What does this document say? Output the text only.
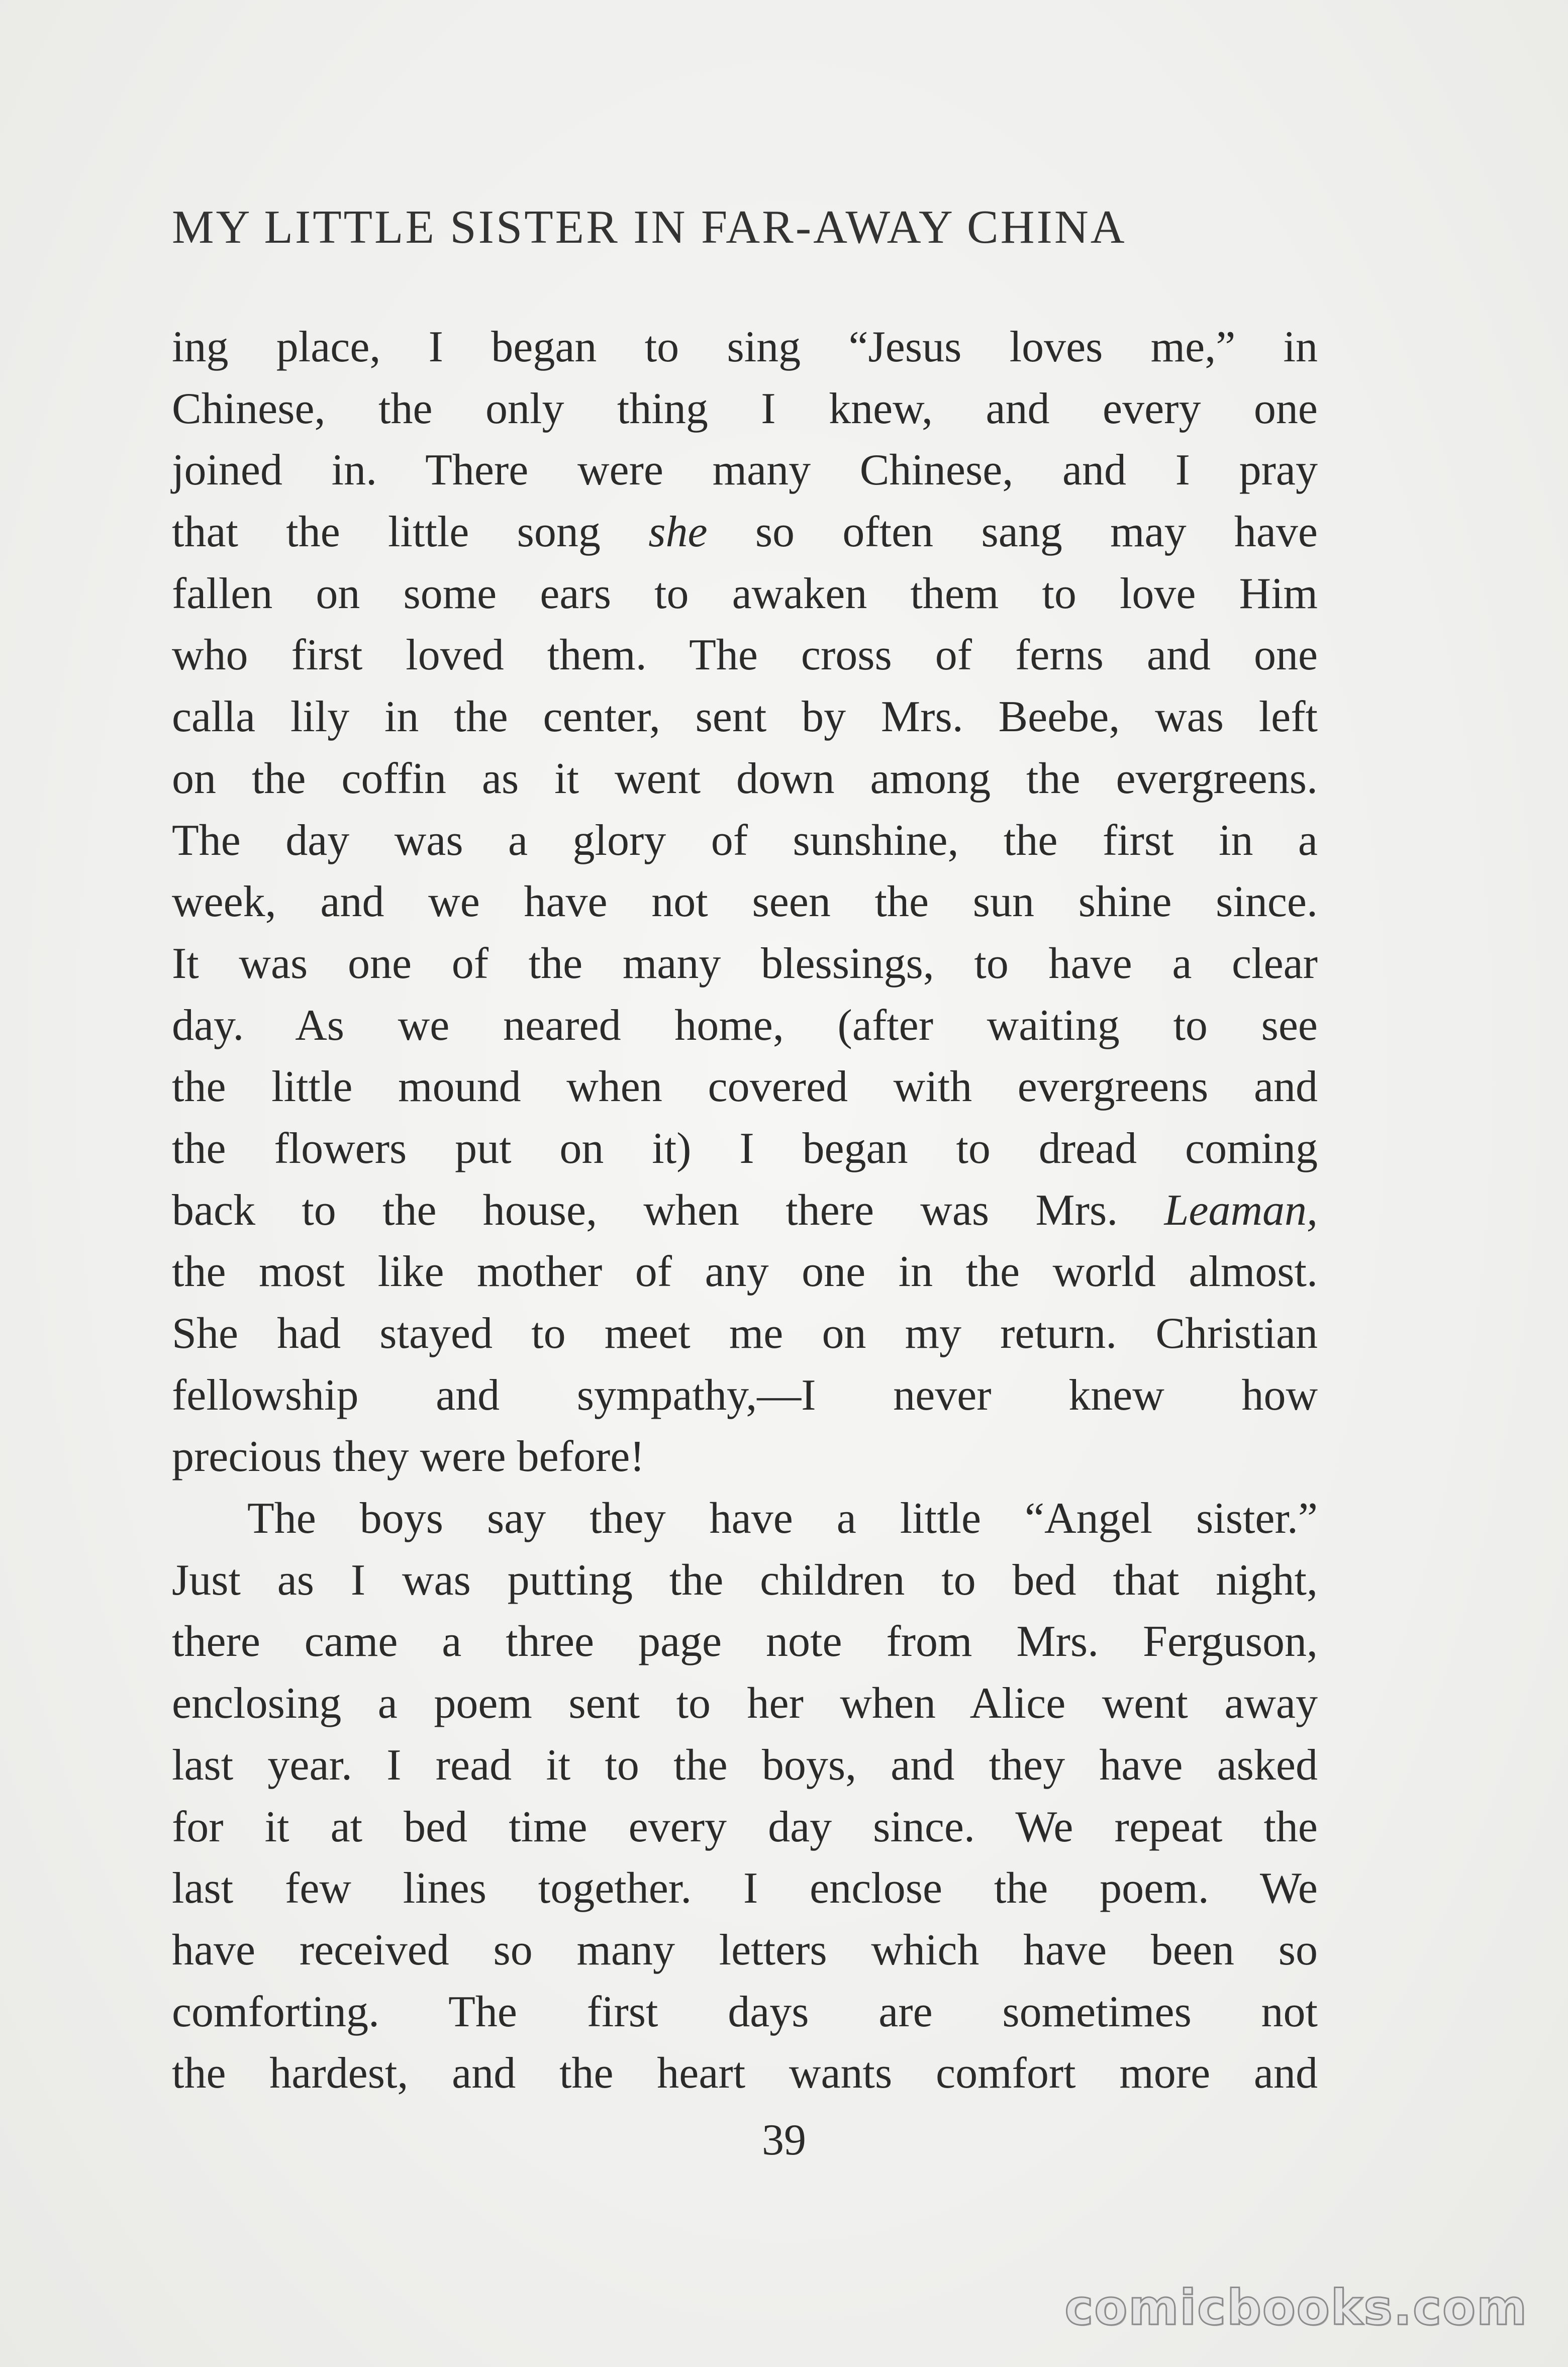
MY LITTLE SISTER IN FAR-AWAY CHINA
ing place, I began to sing “Jesus loves me,” in
Chinese, the only thing I knew, and every one
joined in. There were many Chinese, and I pray
that the little song she so often sang may have
fallen on some ears to awaken them to love Him
who first loved them. The cross of ferns and one
calla lily in the center, sent by Mrs. Beebe, was left
on the coffin as it went down among the evergreens.
The day was a glory of sunshine, the first in a
week, and we have not seen the sun shine since.
It was one of the many blessings, to have a clear
day. As we neared home, (after waiting to see
the little mound when covered with evergreens and
the flowers put on it) I began to dread coming
back to the house, when there was Mrs. Leaman,
the most like mother of any one in the world almost.
She had stayed to meet me on my return. Christian
fellowship and sympathy,—I never knew how
precious they were before!
The boys say they have a little “Angel sister.”
Just as I was putting the children to bed that night,
there came a three page note from Mrs. Ferguson,
enclosing a poem sent to her when Alice went away
last year. I read it to the boys, and they have asked
for it at bed time every day since. We repeat the
last few lines together. I enclose the poem. We
have received so many letters which have been so
comforting. The first days are sometimes not
the hardest, and the heart wants comfort more and
39
comicbooks.com
